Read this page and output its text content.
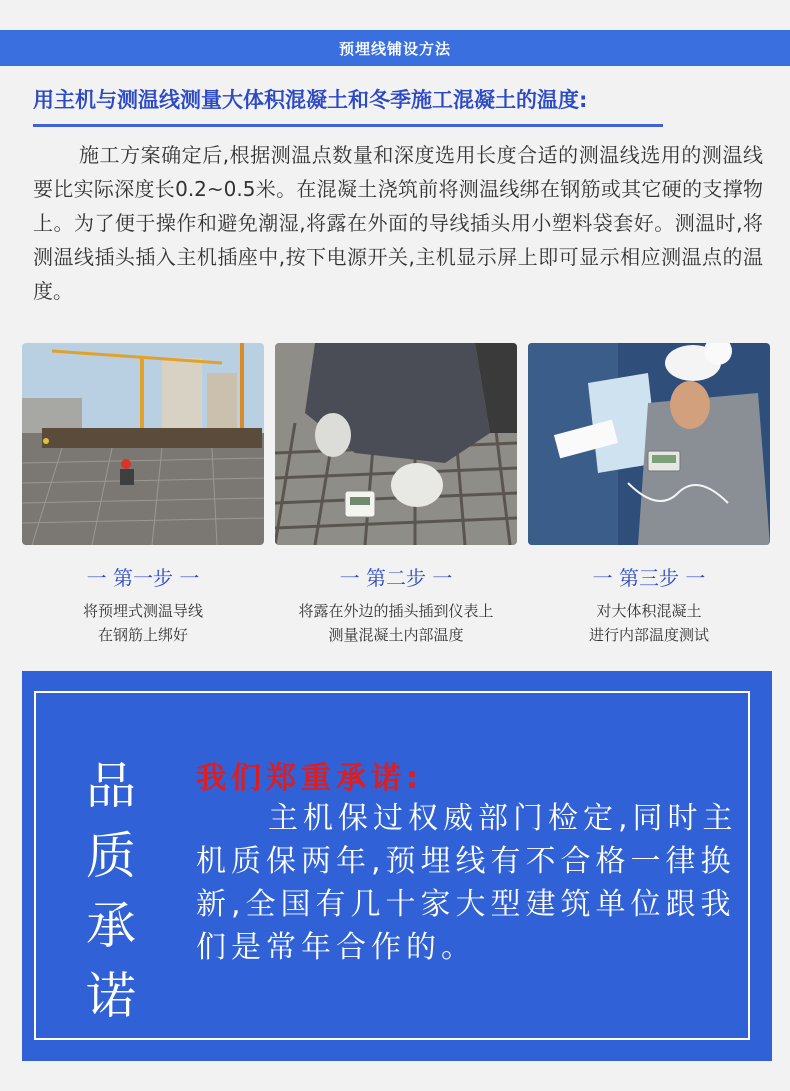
预埋线铺设方法
用主机与测温线测量大体积混凝土和冬季施工混凝土的温度:
施工方案确定后,根据测温点数量和深度选用长度合适的测温线选用的测温线要比实际深度长0.2~0.5米。在混凝土浇筑前将测温线绑在钢筋或其它硬的支撑物上。为了便于操作和避免潮湿,将露在外面的导线插头用小塑料袋套好。测温时,将测温线插头插入主机插座中,按下电源开关,主机显示屏上即可显示相应测温点的温度。
一 第一步 一
将预埋式测温导线
在钢筋上绑好
一 第二步 一
将露在外边的插头插到仪表上
测量混凝土内部温度
一 第三步 一
对大体积混凝土
进行内部温度测试
品
质
承
诺
我们郑重承诺:
主机保过权威部门检定,同时主机质保两年,预埋线有不合格一律换新,全国有几十家大型建筑单位跟我们是常年合作的。
